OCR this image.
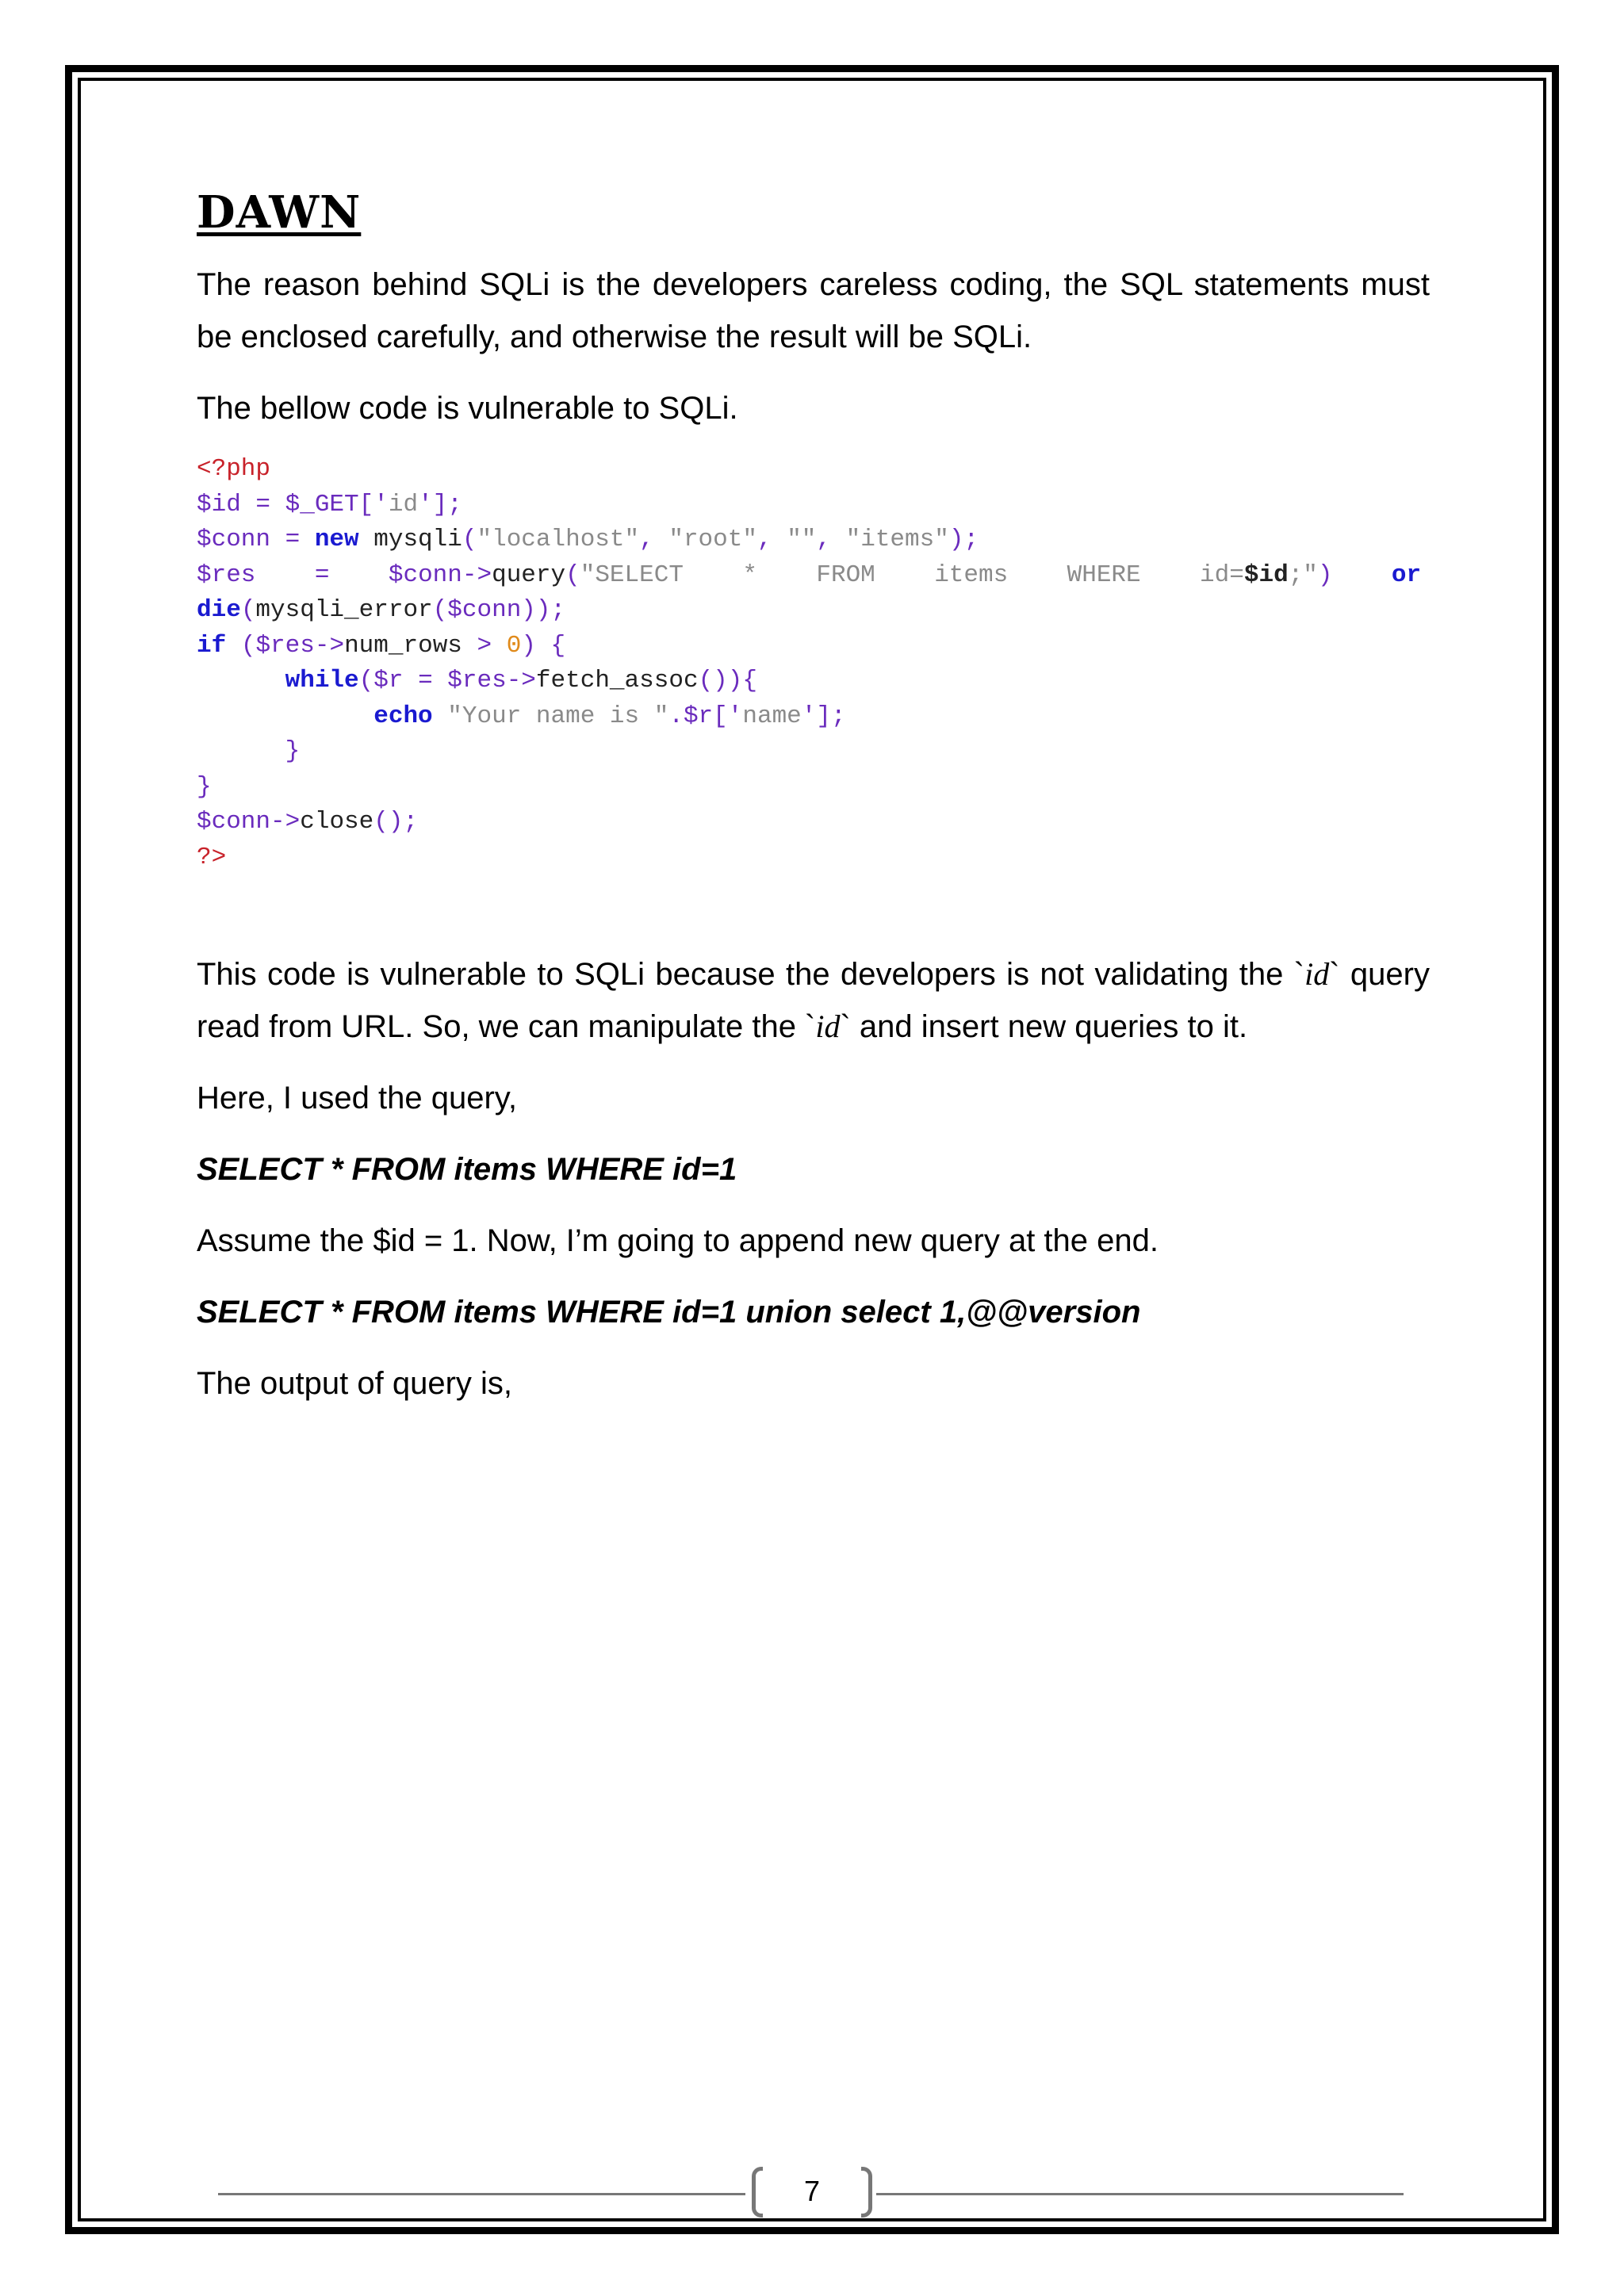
DAWN

The reason behind SQLi is the developers careless coding, the SQL statements must be enclosed carefully, and otherwise the result will be SQLi.

The bellow code is vulnerable to SQLi.

<?php
$id = $_GET['id'];
$conn = new mysqli("localhost", "root", "", "items");
$res    =    $conn->query("SELECT    *    FROM    items    WHERE    id=$id;")    or
die(mysqli_error($conn));
if ($res->num_rows > 0) {
while($r = $res->fetch_assoc()){
echo "Your name is ".$r['name'];
}
}
$conn->close();
?>

This code is vulnerable to SQLi because the developers is not validating the `id` query read from URL. So, we can manipulate the `id` and insert new queries to it.

Here, I used the query,

SELECT * FROM items WHERE id=1

Assume the $id = 1. Now, I’m going to append new query at the end.

SELECT * FROM items WHERE id=1 union select 1,@@version

The output of query is,

7
